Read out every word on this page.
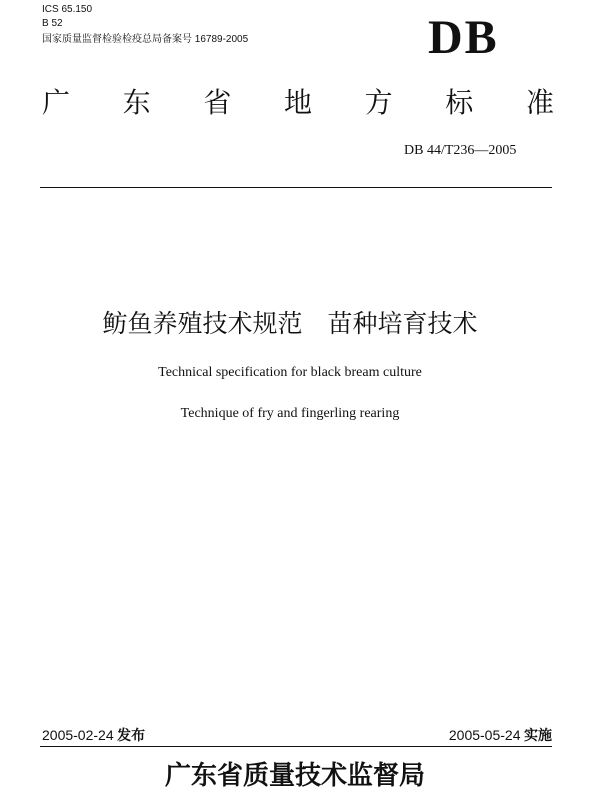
ICS 65.150
B 52
国家质量监督检验检疫总局备案号 16789-2005	DB
广 东 省 地 方 标 准
DB 44/T236—2005
鲂鱼养殖技术规范　苗种培育技术
Technical specification for black bream culture
Technique of fry and fingerling rearing
2005-02-24 发布	2005-05-24 实施
广东省质量技术监督局
